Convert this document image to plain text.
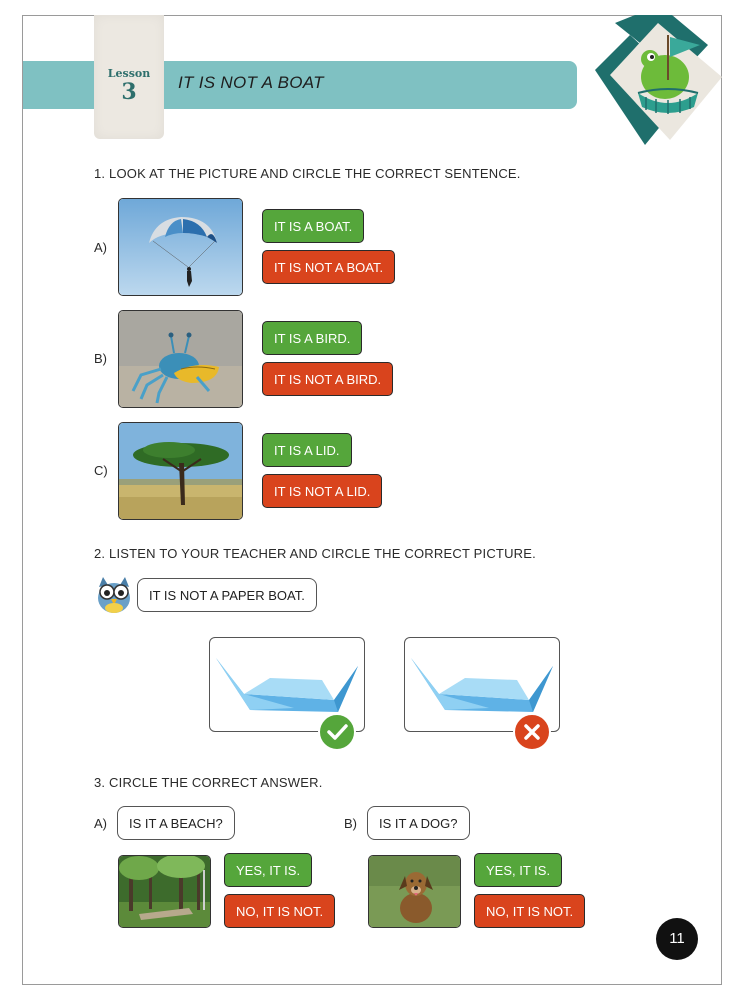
Lesson
3	IT IS NOT A BOAT
1. LOOK AT THE PICTURE AND CIRCLE THE CORRECT SENTENCE.
A)
IT IS A BOAT.
IT IS NOT A BOAT.
B)
IT IS A BIRD.
IT IS NOT A BIRD.
C)
IT IS A LID.
IT IS NOT A LID.
2. LISTEN TO YOUR TEACHER AND CIRCLE THE CORRECT PICTURE.
IT IS NOT A PAPER BOAT.
3. CIRCLE THE CORRECT ANSWER.
A)	IS IT A BEACH?
YES, IT IS.
NO, IT IS NOT.
B)	IS IT A DOG?
YES, IT IS.
NO, IT IS NOT.
11
